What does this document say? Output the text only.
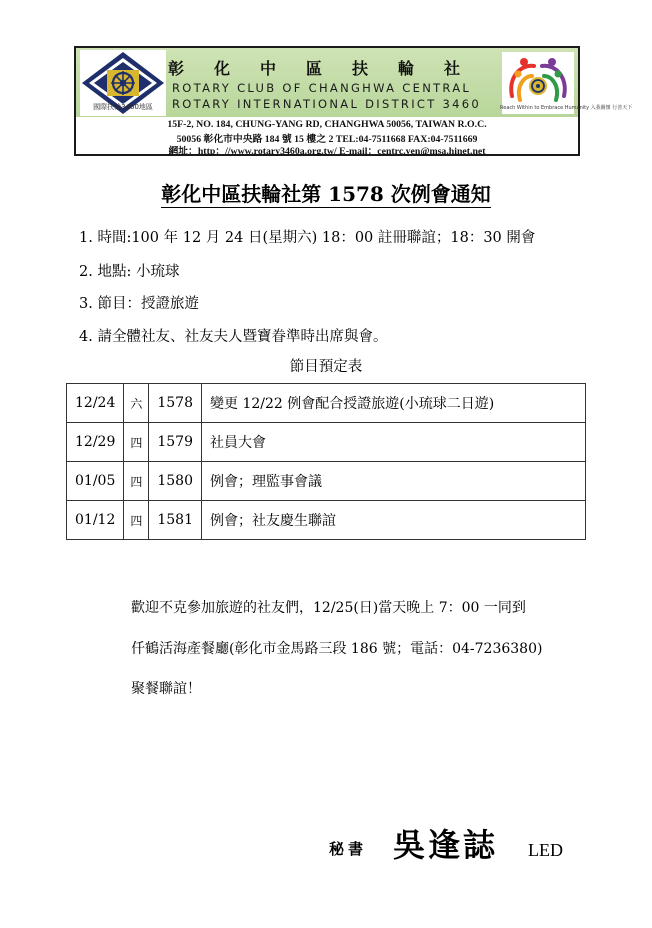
國際扶輪3460地區
彰化中區扶輪社
ROTARY CLUB OF CHANGHWA CENTRAL
ROTARY INTERNATIONAL DISTRICT 3460	Reach Within to Embrace Humanity 入我關懷 行善天下
15F-2, NO. 184, CHUNG-YANG RD, CHANGHWA 50056, TAIWAN R.O.C.
50056 彰化市中央路 184 號 15 樓之 2 TEL:04-7511668 FAX:04-7511669
網址：http：//www.rotary3460a.org.tw/ E-mail：centrc.yen@msa.hinet.net
彰化中區扶輪社第 1578 次例會通知
1. 時間:100 年 12 月 24 日(星期六) 18：00 註冊聯誼；18：30 開會
2. 地點: 小琉球
3. 節目：授證旅遊
4. 請全體社友、社友夫人暨寶眷準時出席與會。
節目預定表
12/24	六	1578	變更 12/22 例會配合授證旅遊(小琉球二日遊)
12/29	四	1579	社員大會
01/05	四	1580	例會；理監事會議
01/12	四	1581	例會；社友慶生聯誼
歡迎不克參加旅遊的社友們，12/25(日)當天晚上 7：00 一同到
仟鶴活海產餐廳(彰化市金馬路三段 186 號；電話：04-7236380)
聚餐聯誼！
秘書 吳逢誌 LED
